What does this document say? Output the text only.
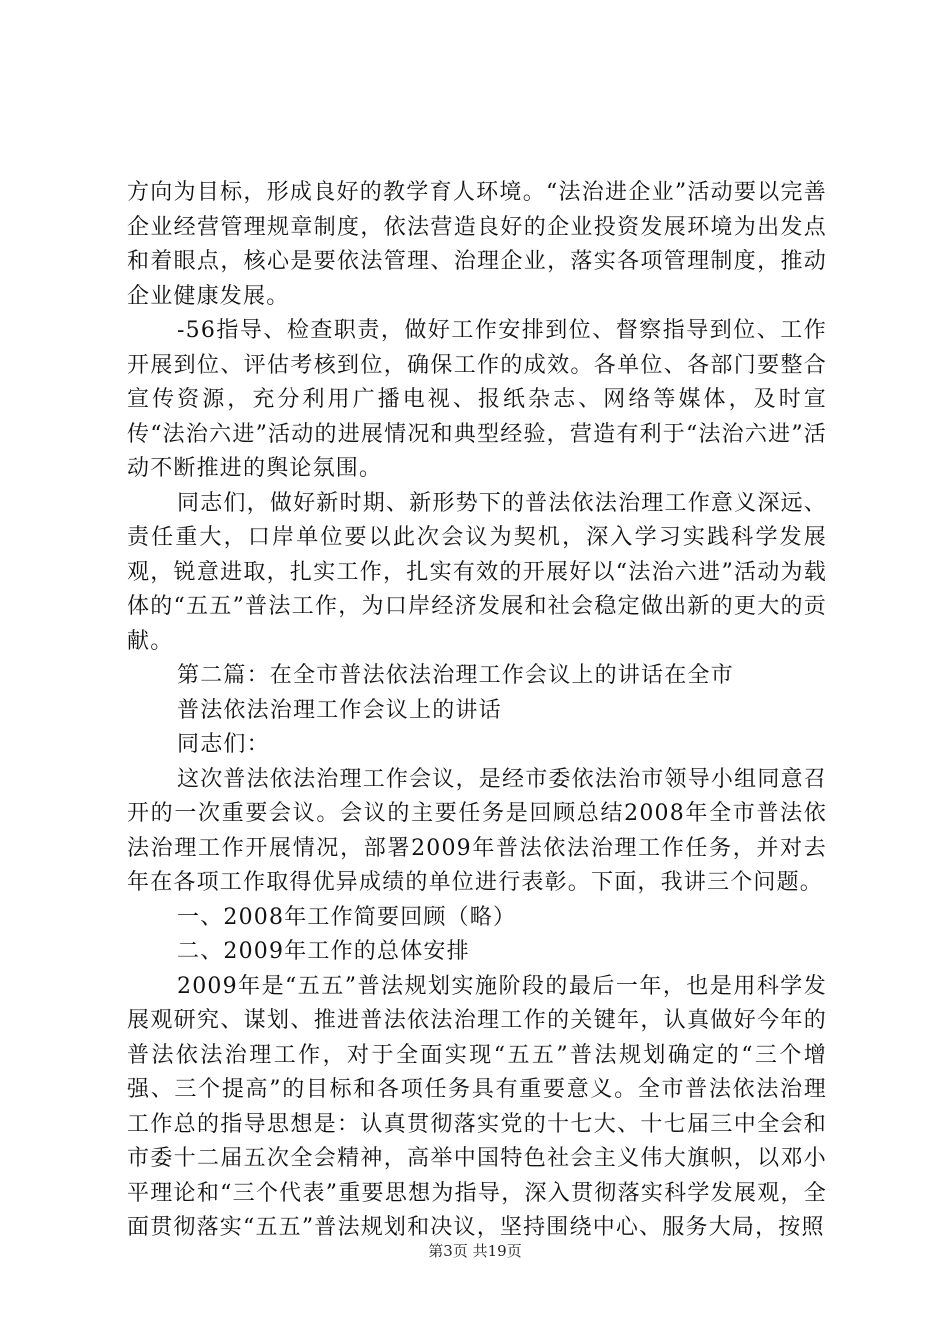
方向为目标，形成良好的教学育人环境。“法治进企业”活动要以完善企业经营管理规章制度，依法营造良好的企业投资发展环境为出发点和着眼点，核心是要依法管理、治理企业，落实各项管理制度，推动企业健康发展。

-56指导、检查职责，做好工作安排到位、督察指导到位、工作开展到位、评估考核到位，确保工作的成效。各单位、各部门要整合宣传资源，充分利用广播电视、报纸杂志、网络等媒体，及时宣传“法治六进”活动的进展情况和典型经验，营造有利于“法治六进”活动不断推进的舆论氛围。

同志们，做好新时期、新形势下的普法依法治理工作意义深远、责任重大，口岸单位要以此次会议为契机，深入学习实践科学发展观，锐意进取，扎实工作，扎实有效的开展好以“法治六进”活动为载体的“五五”普法工作，为口岸经济发展和社会稳定做出新的更大的贡献。

第二篇：在全市普法依法治理工作会议上的讲话在全市

普法依法治理工作会议上的讲话

同志们：

这次普法依法治理工作会议，是经市委依法治市领导小组同意召开的一次重要会议。会议的主要任务是回顾总结2008年全市普法依法治理工作开展情况，部署2009年普法依法治理工作任务，并对去年在各项工作取得优异成绩的单位进行表彰。下面，我讲三个问题。

一、2008年工作简要回顾（略）

二、2009年工作的总体安排

2009年是“五五”普法规划实施阶段的最后一年，也是用科学发展观研究、谋划、推进普法依法治理工作的关键年，认真做好今年的普法依法治理工作，对于全面实现“五五”普法规划确定的“三个增强、三个提高”的目标和各项任务具有重要意义。全市普法依法治理工作总的指导思想是：认真贯彻落实党的十七大、十七届三中全会和市委十二届五次全会精神，高举中国特色社会主义伟大旗帜，以邓小平理论和“三个代表”重要思想为指导，深入贯彻落实科学发展观，全面贯彻落实“五五”普法规划和决议，坚持围绕中心、服务大局，按照

第3页 共19页
